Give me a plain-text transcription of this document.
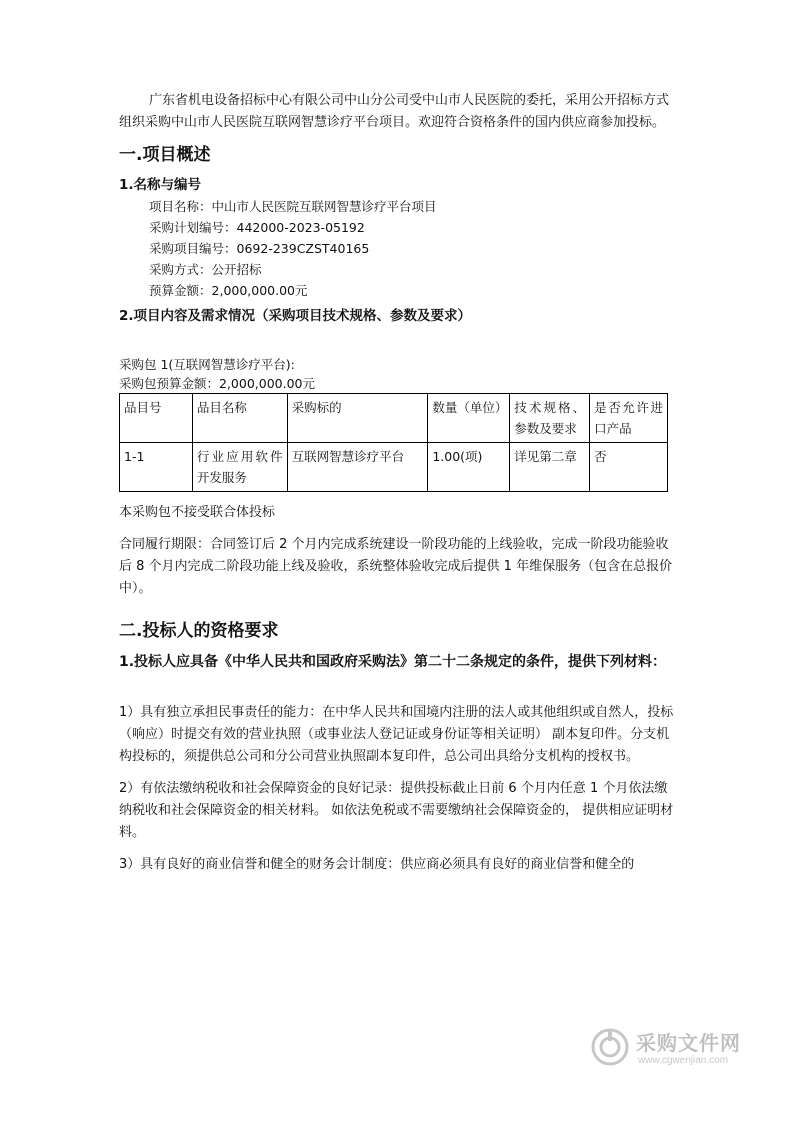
广东省机电设备招标中心有限公司中山分公司受中山市人民医院的委托，采用公开招标方式组织采购中山市人民医院互联网智慧诊疗平台项目。欢迎符合资格条件的国内供应商参加投标。

一.项目概述
1.名称与编号
项目名称：中山市人民医院互联网智慧诊疗平台项目
采购计划编号：442000-2023-05192
采购项目编号：0692-239CZST40165
采购方式：公开招标
预算金额：2,000,000.00元
2.项目内容及需求情况（采购项目技术规格、参数及要求）
采购包 1(互联网智慧诊疗平台):
采购包预算金额：2,000,000.00元
品目号	品目名称	采购标的	数量（单位）	技术规格、参数及要求	是否允许进口产品
1-1	行业应用软件开发服务	互联网智慧诊疗平台	1.00(项)	详见第二章	否

本采购包不接受联合体投标

合同履行期限：合同签订后 2 个月内完成系统建设一阶段功能的上线验收，完成一阶段功能验收后 8 个月内完成二阶段功能上线及验收，系统整体验收完成后提供 1 年维保服务（包含在总报价中）。

二.投标人的资格要求
1.投标人应具备《中华人民共和国政府采购法》第二十二条规定的条件，提供下列材料：

1）具有独立承担民事责任的能力：在中华人民共和国境内注册的法人或其他组织或自然人，投标（响应）时提交有效的营业执照（或事业法人登记证或身份证等相关证明） 副本复印件。分支机构投标的，须提供总公司和分公司营业执照副本复印件，总公司出具给分支机构的授权书。

2）有依法缴纳税收和社会保障资金的良好记录：提供投标截止日前 6 个月内任意 1 个月依法缴纳税收和社会保障资金的相关材料。 如依法免税或不需要缴纳社会保障资金的， 提供相应证明材料。

3）具有良好的商业信誉和健全的财务会计制度：供应商必须具有良好的商业信誉和健全的

采购文件网
www.cgwenjian.com
